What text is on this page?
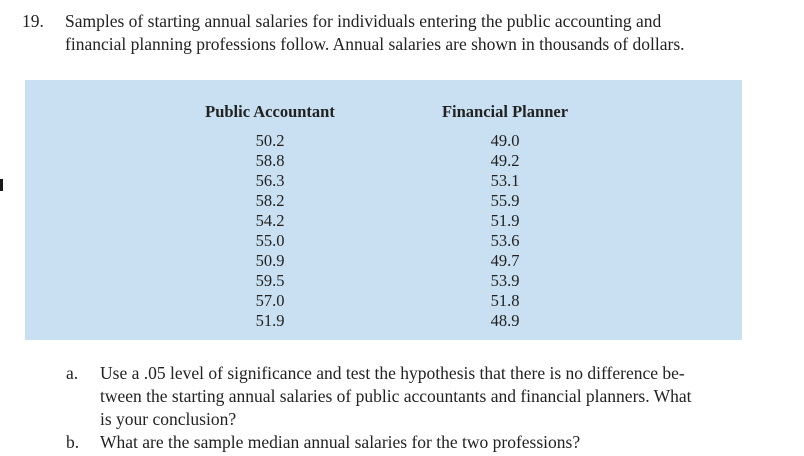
19. Samples of starting annual salaries for individuals entering the public accounting and
financial planning professions follow. Annual salaries are shown in thousands of dollars.
Public Accountant
50.2
58.8
56.3
58.2
54.2
55.0
50.9
59.5
57.0
51.9
Financial Planner
49.0
49.2
53.1
55.9
51.9
53.6
49.7
53.9
51.8
48.9
a. Use a .05 level of significance and test the hypothesis that there is no difference be-
tween the starting annual salaries of public accountants and financial planners. What
is your conclusion?
b. What are the sample median annual salaries for the two professions?
